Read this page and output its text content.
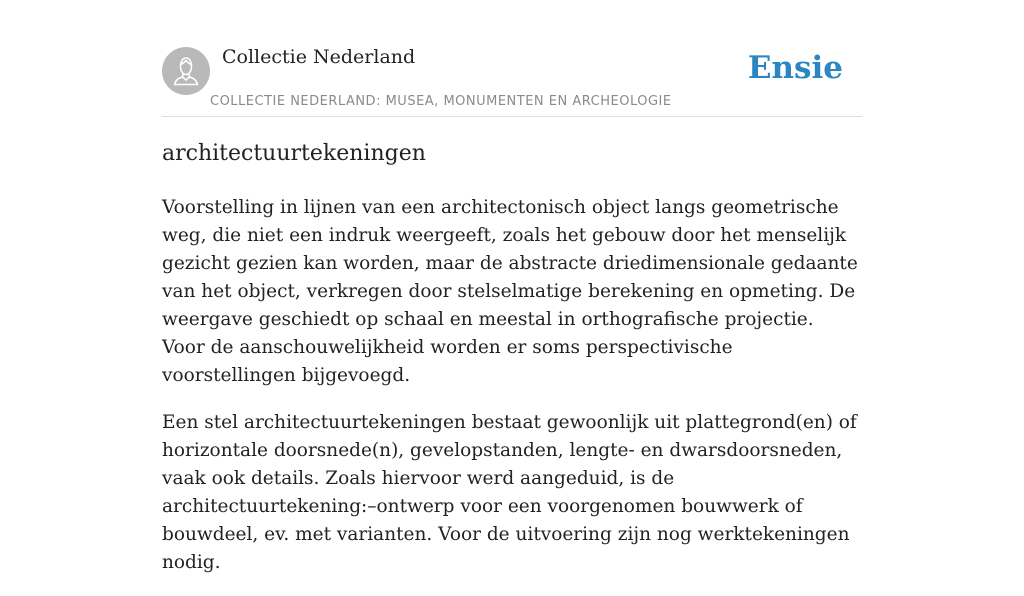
Collectie Nederland
COLLECTIE NEDERLAND: MUSEA, MONUMENTEN EN ARCHEOLOGIE
Ensie
architectuurtekeningen

Voorstelling in lijnen van een architectonisch object langs geometrische weg, die niet een indruk weergeeft, zoals het gebouw door het menselijk gezicht gezien kan worden, maar de abstracte driedimensionale gedaante van het object, verkregen door stelselmatige berekening en opmeting. De weergave geschiedt op schaal en meestal in orthografische projectie. Voor de aanschouwelijkheid worden er soms perspectivische voorstellingen bijgevoegd.

Een stel architectuurtekeningen bestaat gewoonlijk uit plattegrond(en) of horizontale doorsnede(n), gevelopstanden, lengte- en dwarsdoorsneden, vaak ook details. Zoals hiervoor werd aangeduid, is de architectuurtekening:–ontwerp voor een voorgenomen bouwwerk of bouwdeel, ev. met varianten. Voor de uitvoering zijn nog werktekeningen nodig.
